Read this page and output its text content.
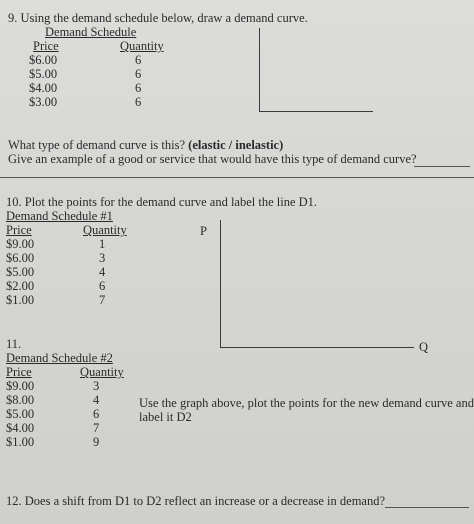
9. Using the demand schedule below, draw a demand curve.
Demand Schedule
Price	Quantity
$6.00	6
$5.00	6
$4.00	6
$3.00	6
What type of demand curve is this? (elastic / inelastic)
Give an example of a good or service that would have this type of demand curve?
10. Plot the points for the demand curve and label the line D1.
Demand Schedule #1
Price	Quantity
$9.00	1
$6.00	3
$5.00	4
$2.00	6
$1.00	7
P
Q
11.
Demand Schedule #2
Price	Quantity
$9.00	3
$8.00	4
$5.00	6
$4.00	7
$1.00	9
Use the graph above, plot the points for the new demand curve and
label it D2
12. Does a shift from D1 to D2 reflect an increase or a decrease in demand?
